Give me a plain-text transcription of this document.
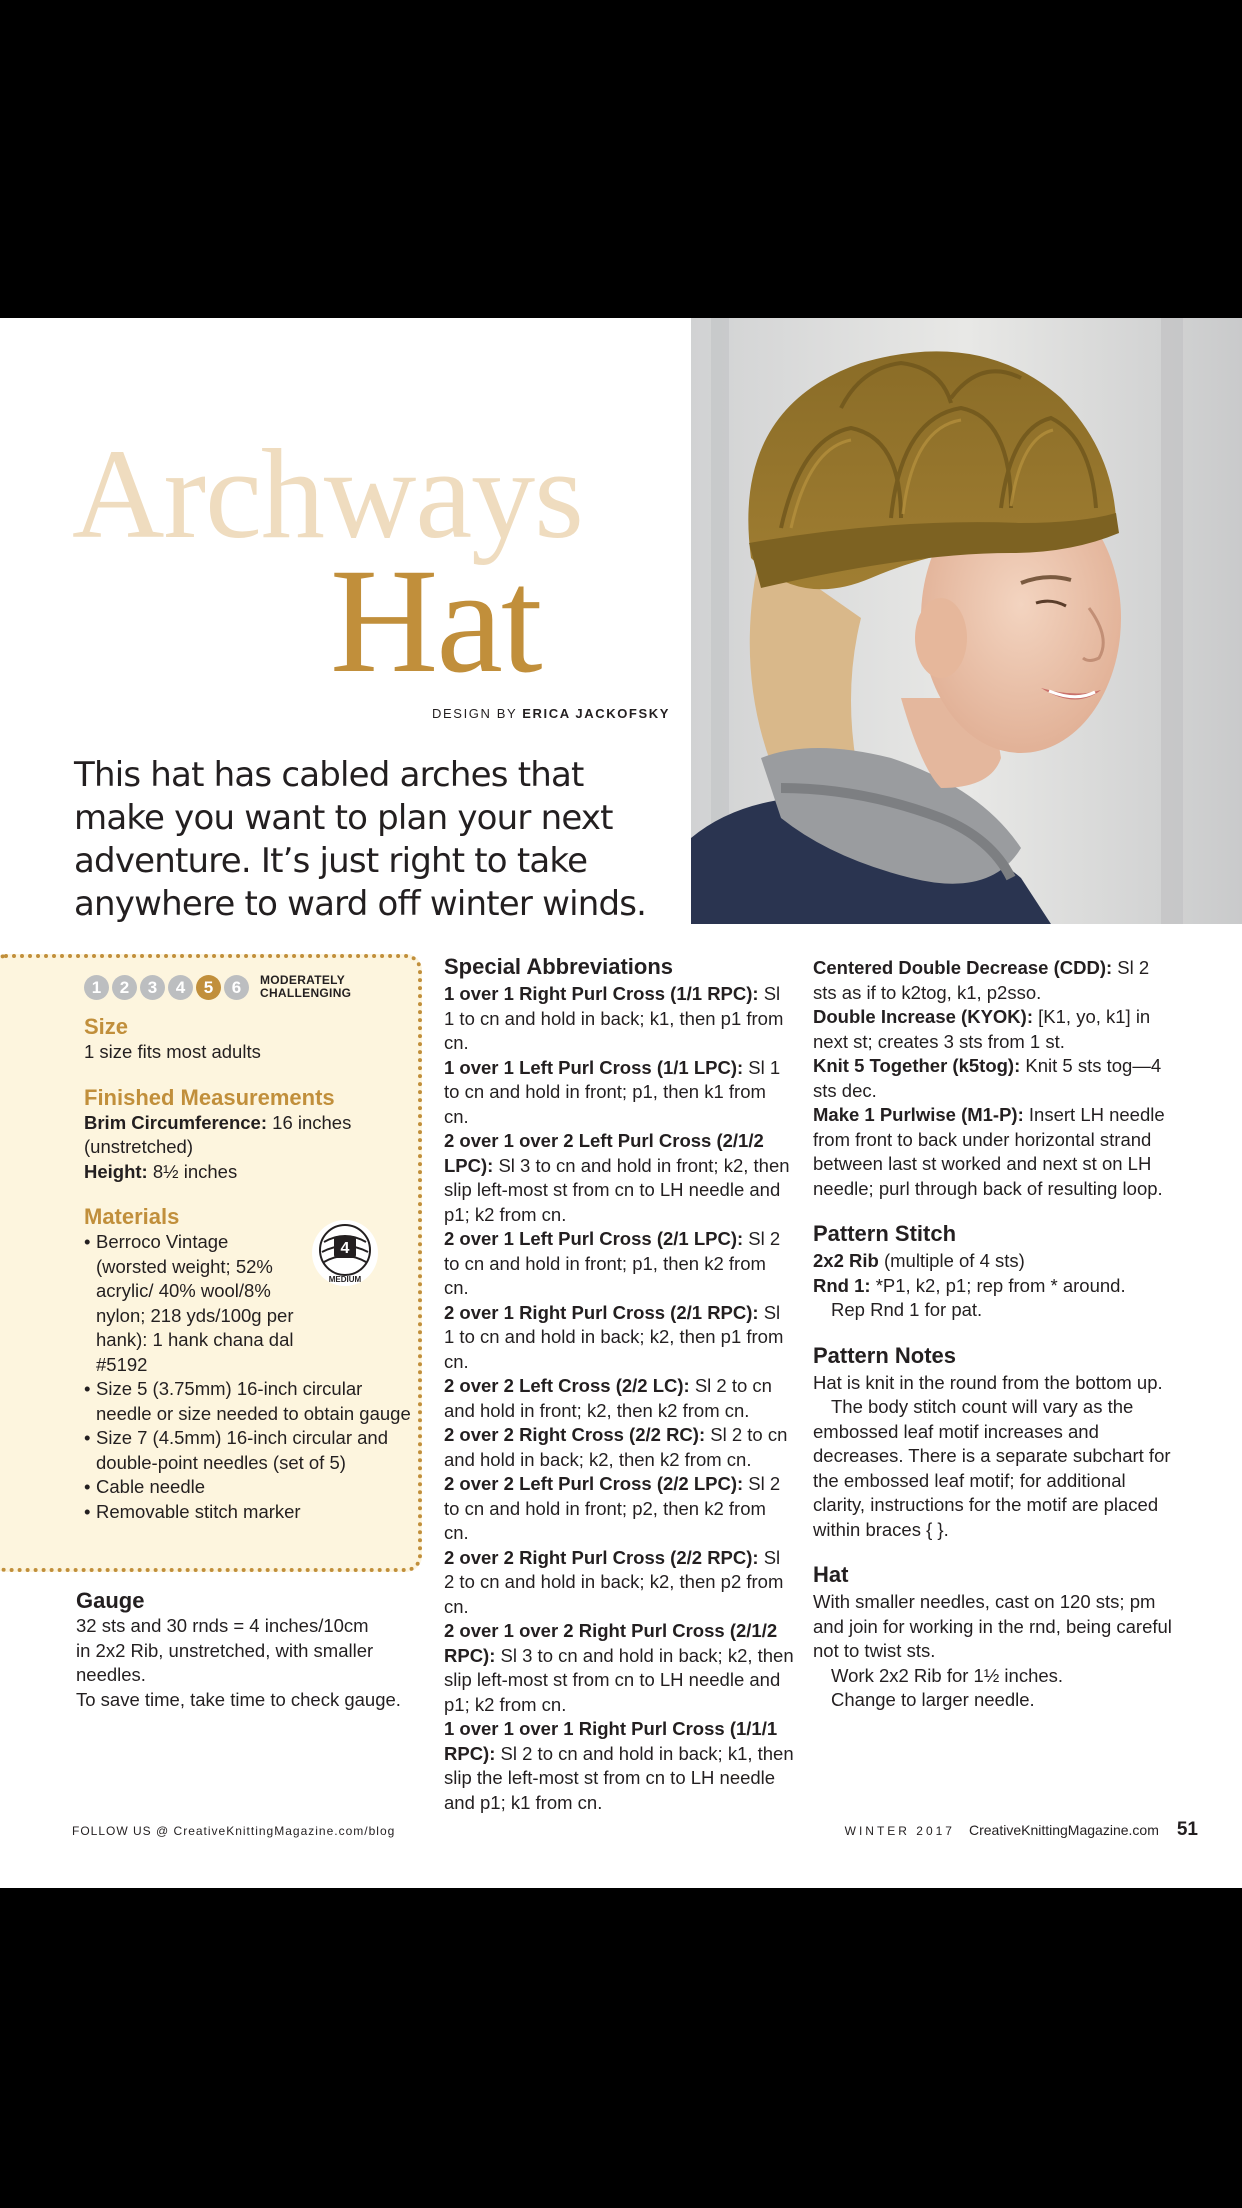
Archways
Hat
DESIGN BY ERICA JACKOFSKY
This hat has cabled arches that make you want to plan your next adventure. It’s just right to take anywhere to ward off winter winds.
1	2	3	4	5	6	MODERATELY
CHALLENGING
Size
1 size fits most adults
Finished Measurements
Brim Circumference: 16 inches (unstretched)
Height: 8½ inches
Materials
• Berroco Vintage (worsted weight; 52% acrylic/ 40% wool/8% nylon; 218 yds/100g per hank): 1 hank chana dal #5192
• Size 5 (3.75mm) 16-inch circular needle or size needed to obtain gauge
• Size 7 (4.5mm) 16-inch circular and double-point needles (set of 5)
• Cable needle
• Removable stitch marker
4
MEDIUM
Gauge
32 sts and 30 rnds = 4 inches/10cm in 2x2 Rib, unstretched, with smaller needles.
To save time, take time to check gauge.
Special Abbreviations
1 over 1 Right Purl Cross (1/1 RPC): Sl 1 to cn and hold in back; k1, then p1 from cn.
1 over 1 Left Purl Cross (1/1 LPC): Sl 1 to cn and hold in front; p1, then k1 from cn.
2 over 1 over 2 Left Purl Cross (2/1/2 LPC): Sl 3 to cn and hold in front; k2, then slip left-most st from cn to LH needle and p1; k2 from cn.
2 over 1 Left Purl Cross (2/1 LPC): Sl 2 to cn and hold in front; p1, then k2 from cn.
2 over 1 Right Purl Cross (2/1 RPC): Sl 1 to cn and hold in back; k2, then p1 from cn.
2 over 2 Left Cross (2/2 LC): Sl 2 to cn and hold in front; k2, then k2 from cn.
2 over 2 Right Cross (2/2 RC): Sl 2 to cn and hold in back; k2, then k2 from cn.
2 over 2 Left Purl Cross (2/2 LPC): Sl 2 to cn and hold in front; p2, then k2 from cn.
2 over 2 Right Purl Cross (2/2 RPC): Sl 2 to cn and hold in back; k2, then p2 from cn.
2 over 1 over 2 Right Purl Cross (2/1/2 RPC): Sl 3 to cn and hold in back; k2, then slip left-most st from cn to LH needle and p1; k2 from cn.
1 over 1 over 1 Right Purl Cross (1/1/1 RPC): Sl 2 to cn and hold in back; k1, then slip the left-most st from cn to LH needle and p1; k1 from cn.
Centered Double Decrease (CDD): Sl 2 sts as if to k2tog, k1, p2sso.
Double Increase (KYOK): [K1, yo, k1] in next st; creates 3 sts from 1 st.
Knit 5 Together (k5tog): Knit 5 sts tog—4 sts dec.
Make 1 Purlwise (M1-P): Insert LH needle from front to back under horizontal strand between last st worked and next st on LH needle; purl through back of resulting loop.
Pattern Stitch
2x2 Rib (multiple of 4 sts)
Rnd 1: *P1, k2, p1; rep from * around.
Rep Rnd 1 for pat.
Pattern Notes
Hat is knit in the round from the bottom up.
The body stitch count will vary as the embossed leaf motif increases and decreases. There is a separate subchart for the embossed leaf motif; for additional clarity, instructions for the motif are placed within braces { }.
Hat
With smaller needles, cast on 120 sts; pm and join for working in the rnd, being careful not to twist sts.
Work 2x2 Rib for 1½ inches.
Change to larger needle.
FOLLOW US @ CreativeKnittingMagazine.com/blog	WINTER 2017 CreativeKnittingMagazine.com 51
